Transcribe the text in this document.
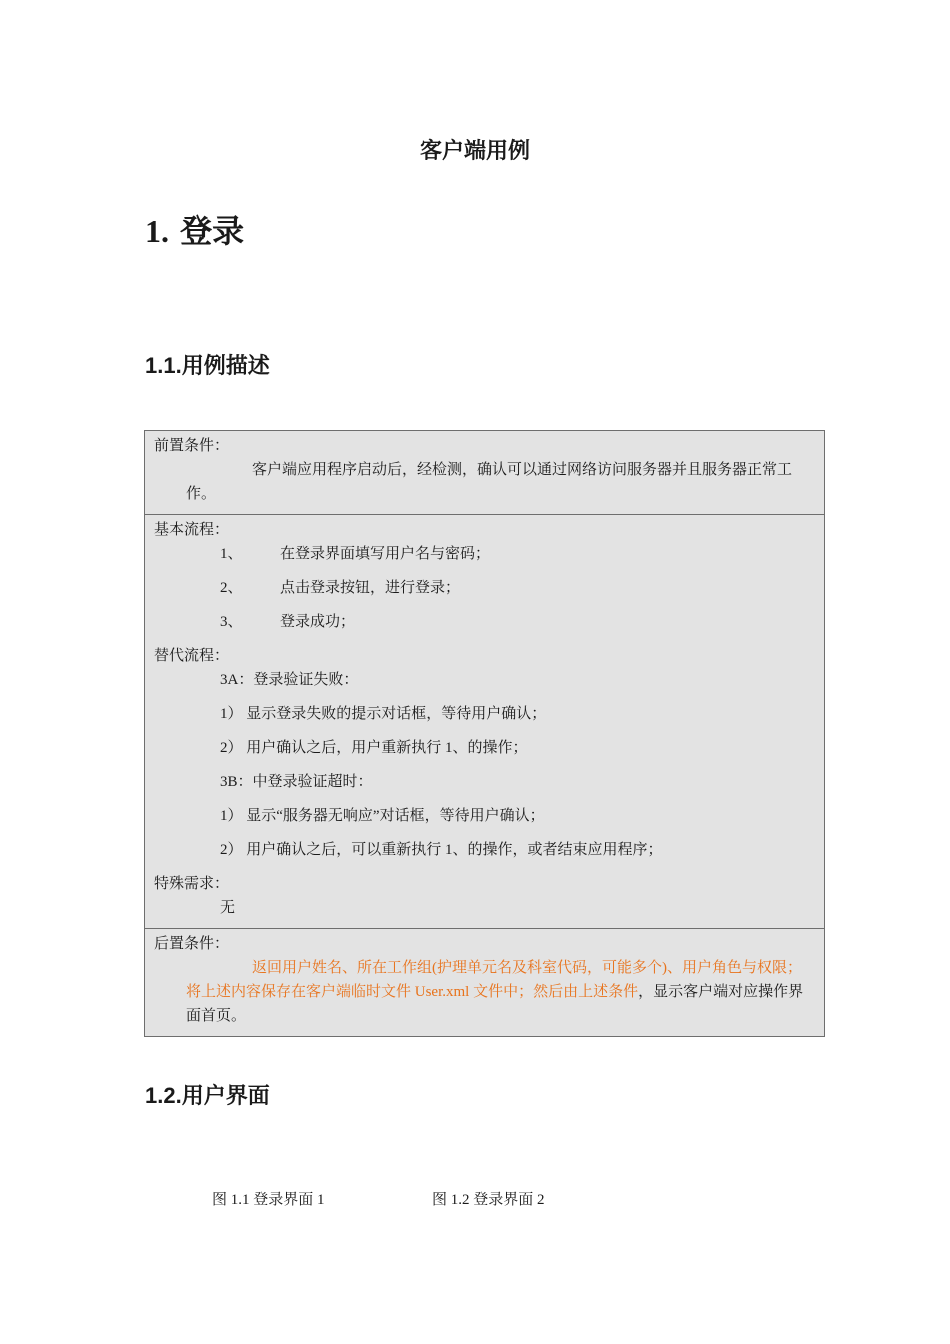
客户端用例
1. 登录
1.1.用例描述
前置条件：
客户端应用程序启动后，经检测，确认可以通过网络访问服务器并且服务器正常工作。
基本流程：
1、 在登录界面填写用户名与密码；
2、 点击登录按钮，进行登录；
3、 登录成功；
替代流程：
3A：登录验证失败：
1） 显示登录失败的提示对话框，等待用户确认；
2） 用户确认之后，用户重新执行 1、的操作；
3B：中登录验证超时：
1） 显示“服务器无响应”对话框，等待用户确认；
2） 用户确认之后，可以重新执行 1、的操作，或者结束应用程序；
特殊需求：
无
后置条件：
返回用户姓名、所在工作组(护理单元名及科室代码，可能多个)、用户角色与权限；将上述内容保存在客户端临时文件 User.xml 文件中；然后由上述条件，显示客户端对应操作界面首页。
1.2.用户界面
图 1.1 登录界面 1	图 1.2 登录界面 2
